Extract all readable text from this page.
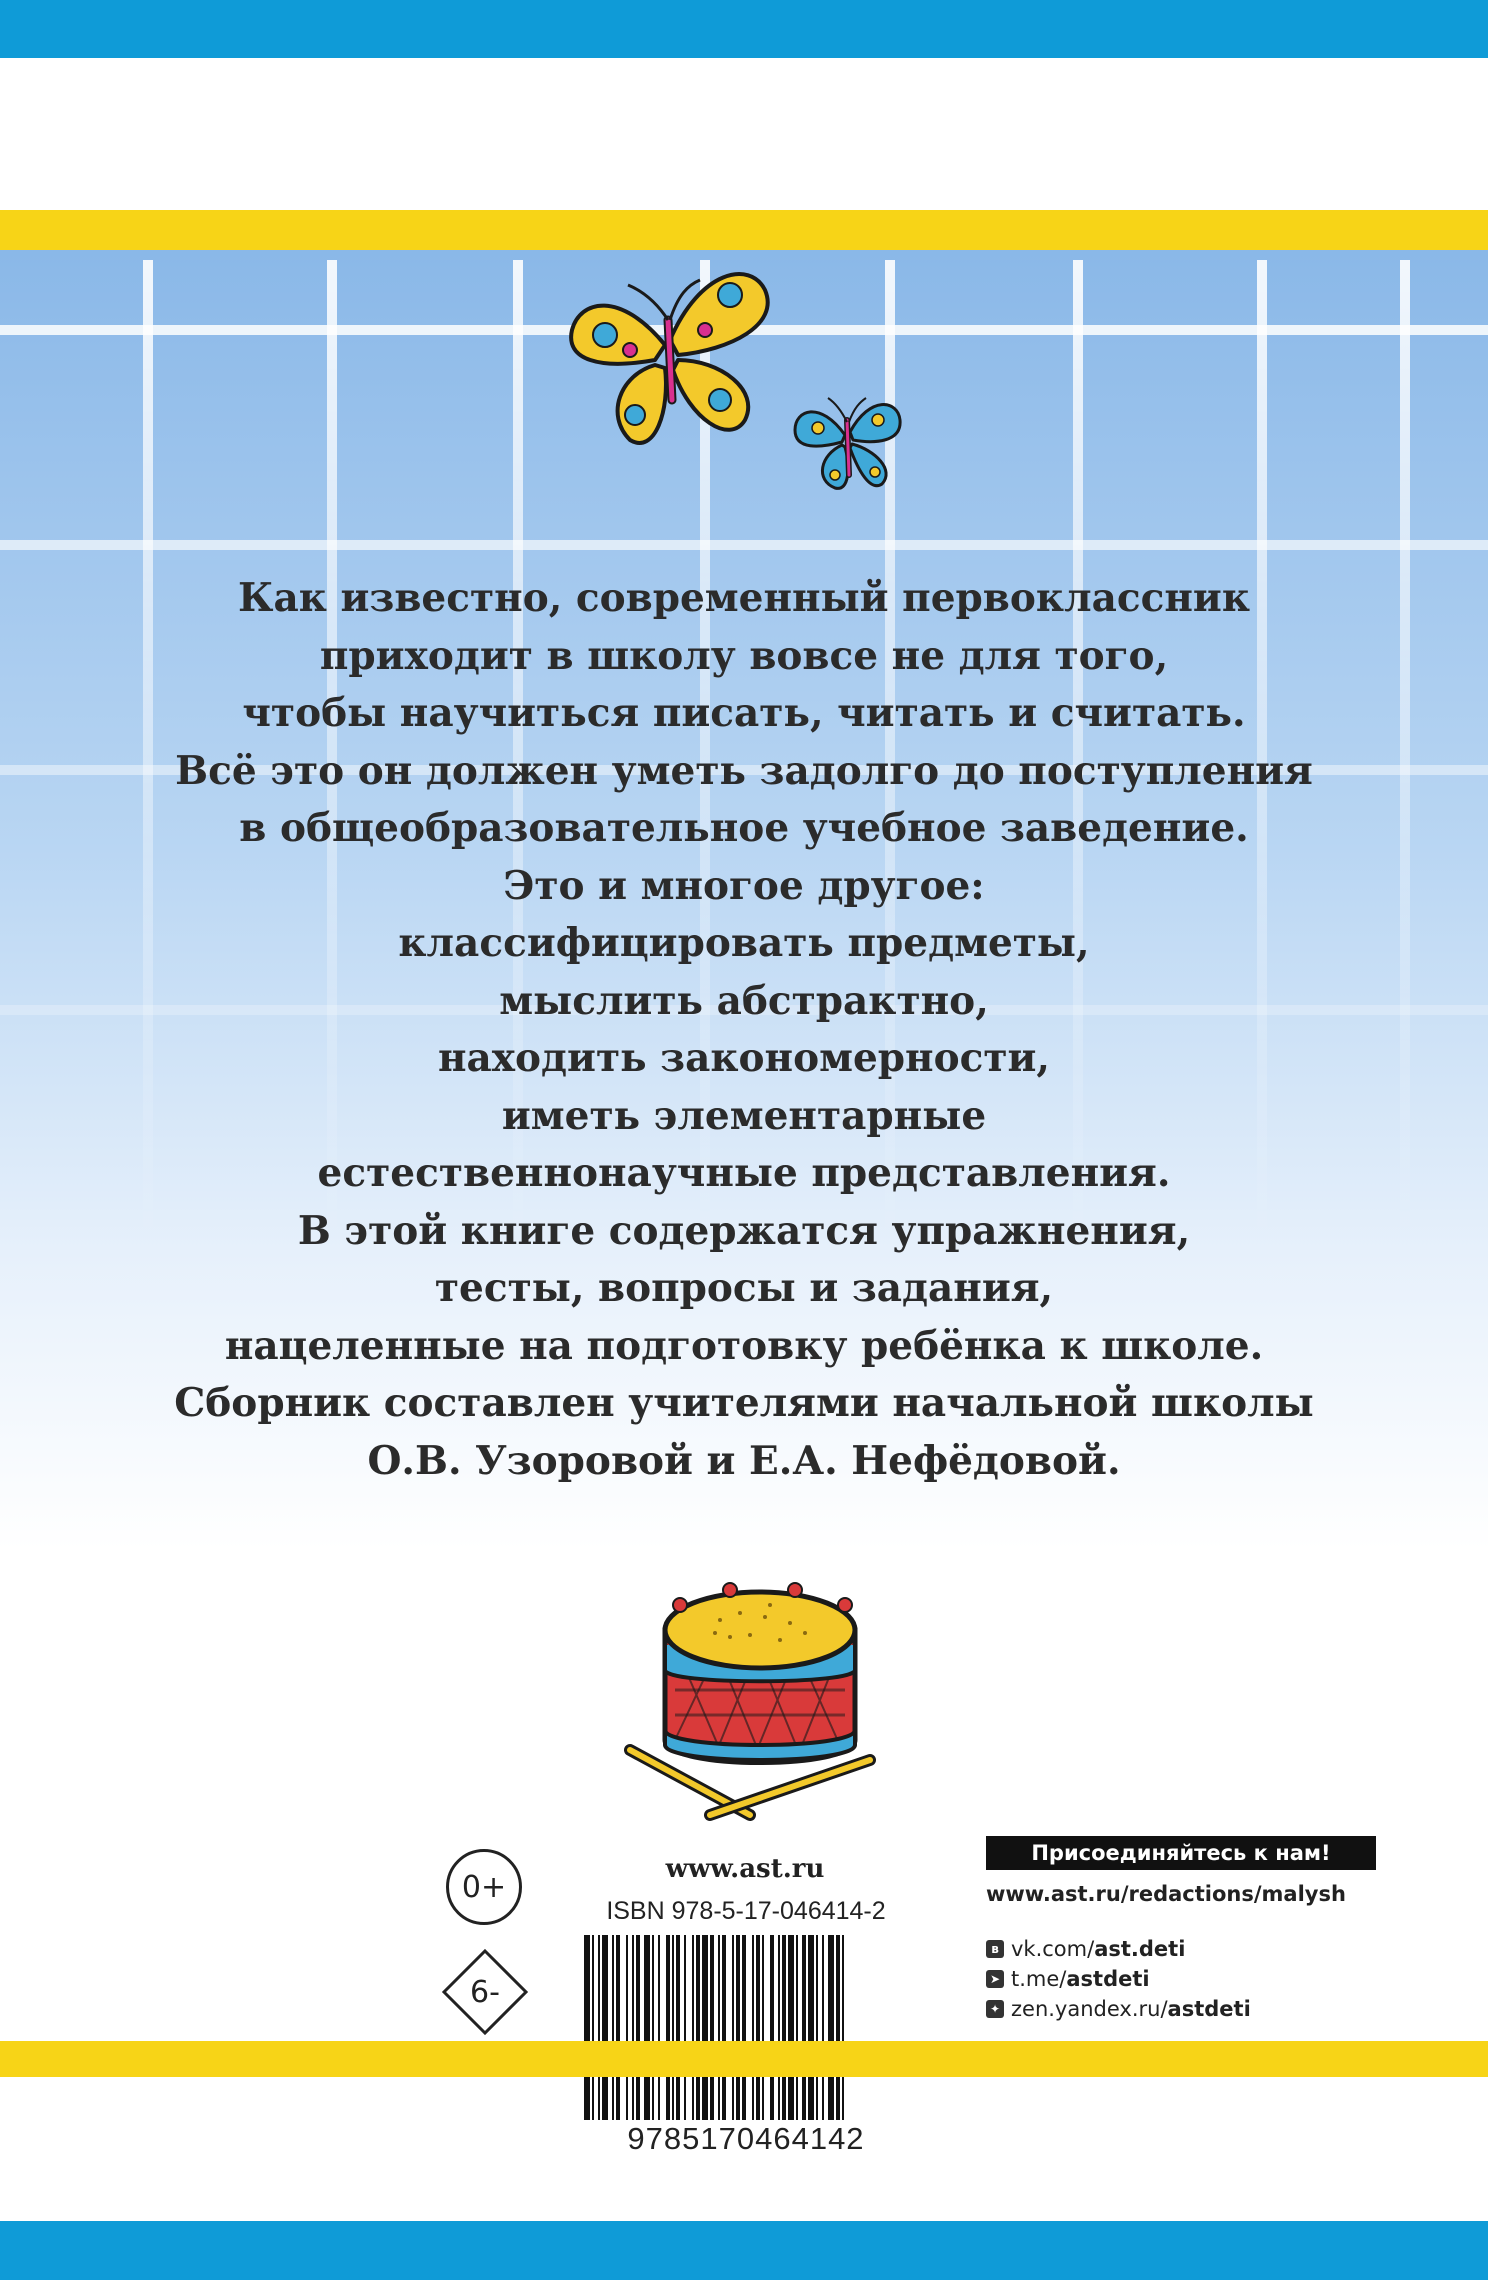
Как известно, современный первоклассник
приходит в школу вовсе не для того,
чтобы научиться писать, читать и считать.
Всё это он должен уметь задолго до поступления
в общеобразовательное учебное заведение.
Это и многое другое:
классифицировать предметы,
мыслить абстрактно,
находить закономерности,
иметь элементарные
естественнонаучные представления.
В этой книге содержатся упражнения,
тесты, вопросы и задания,
нацеленные на подготовку ребёнка к школе.
Сборник составлен учителями начальной школы
О.В. Узоровой и Е.А. Нефёдовой.

0+
6-
www.ast.ru
ISBN 978-5-17-046414-2
9785170464142
Присоединяйтесь к нам!
www.ast.ru/redactions/malysh
в vk.com/ ast.deti
➤ t.me/ astdeti
✦ zen.yandex.ru/ astdeti
